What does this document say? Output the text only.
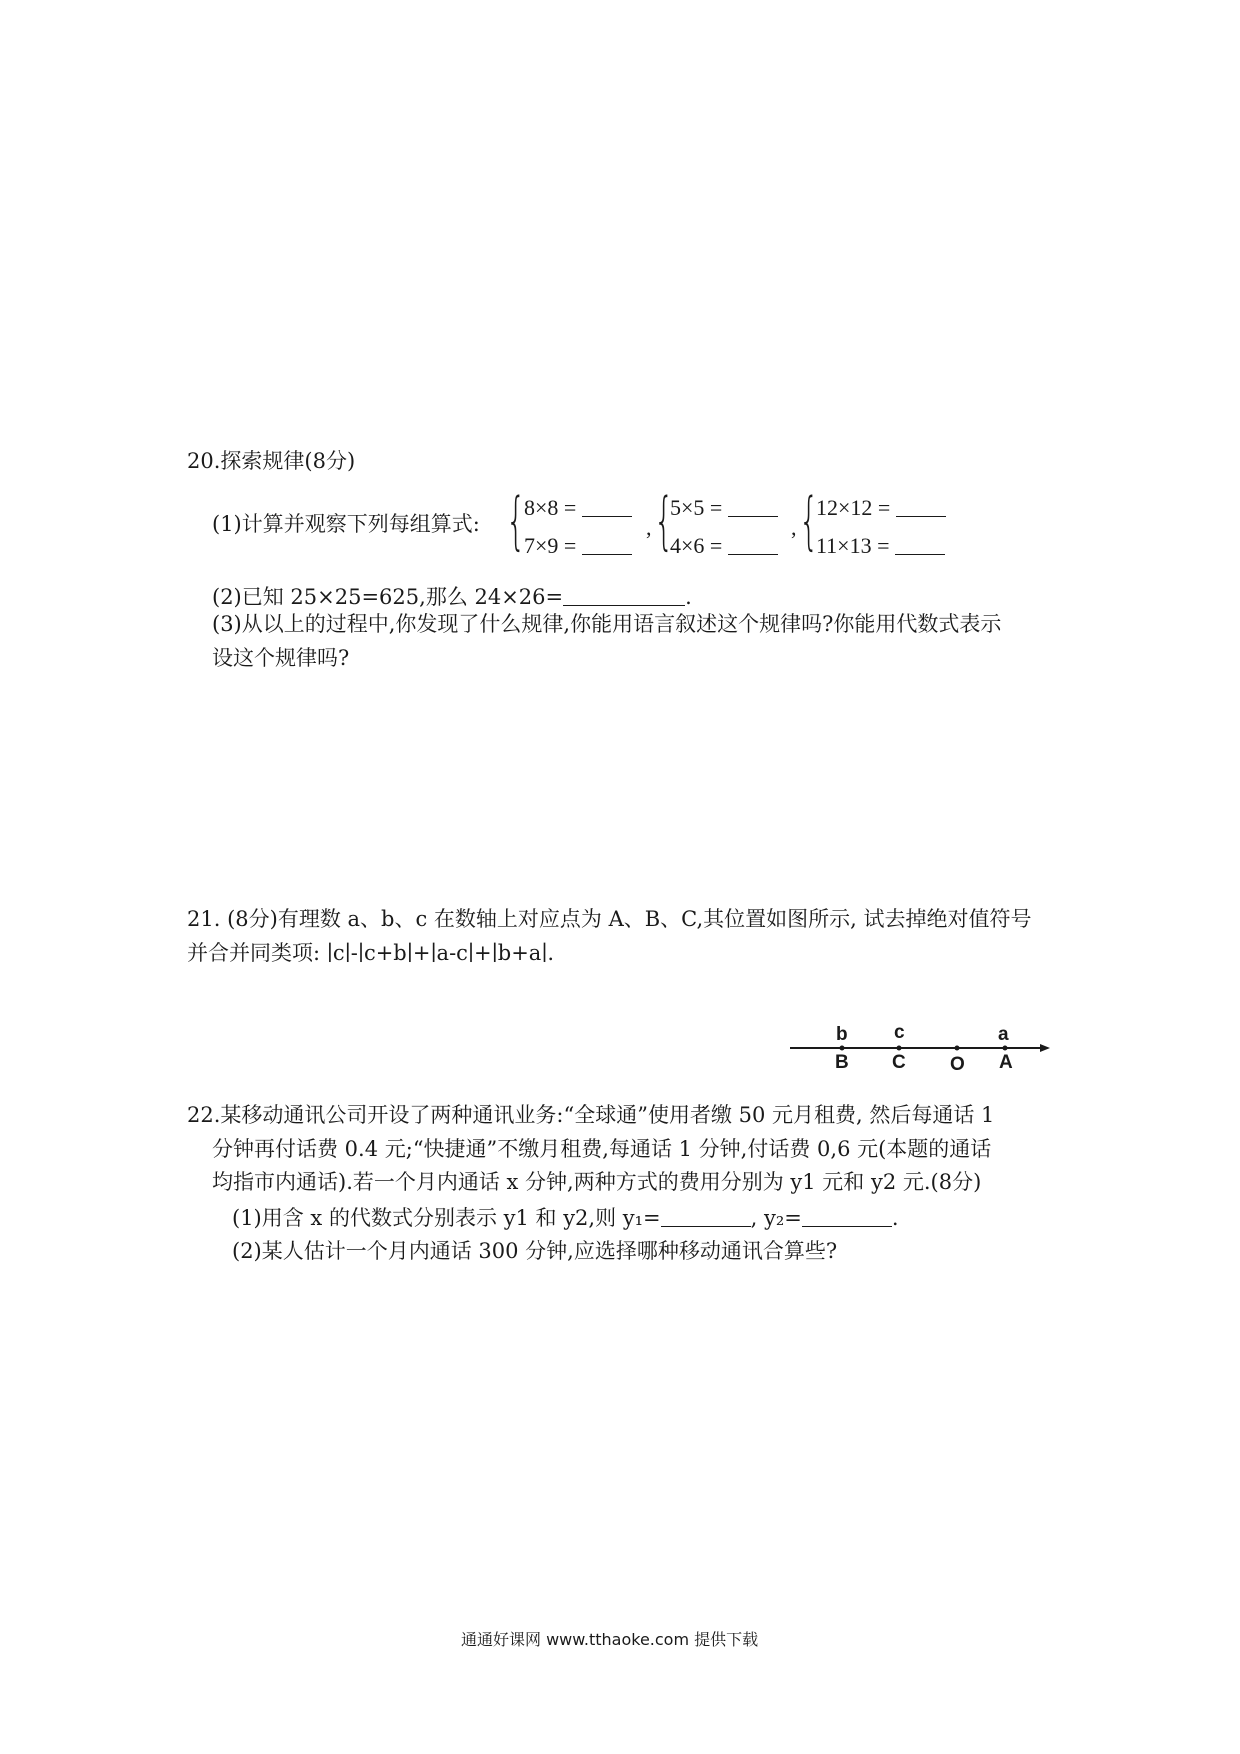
20.探索规律(8分)
(1)计算并观察下列每组算式: {
8×8 =
7×9 =
, {
5×5 =
4×6 =
, {
12×12 =
11×13 =
(2)已知 25×25=625,那么 24×26=	.
(3)从以上的过程中,你发现了什么规律,你能用语言叙述这个规律吗?你能用代数式表示
设这个规律吗?
21. (8分)有理数 a、b、c 在数轴上对应点为 A、B、C,其位置如图所示, 试去掉绝对值符号
并合并同类项: ∣c∣-∣c+b∣+∣a-c∣+∣b+a∣.
b c	a
B C O A
22.某移动通讯公司开设了两种通讯业务:“全球通”使用者缴 50 元月租费, 然后每通话 1
分钟再付话费 0.4 元;“快捷通”不缴月租费,每通话 1 分钟,付话费 0,6 元(本题的通话
均指市内通话).若一个月内通话 x 分钟,两种方式的费用分别为 y1 元和 y2 元.(8分)
(1)用含 x 的代数式分别表示 y1 和 y2,则 y₁=	, y₂=	.
(2)某人估计一个月内通话 300 分钟,应选择哪种移动通讯合算些?
通通好课网 www.tthaoke.com 提供下载
